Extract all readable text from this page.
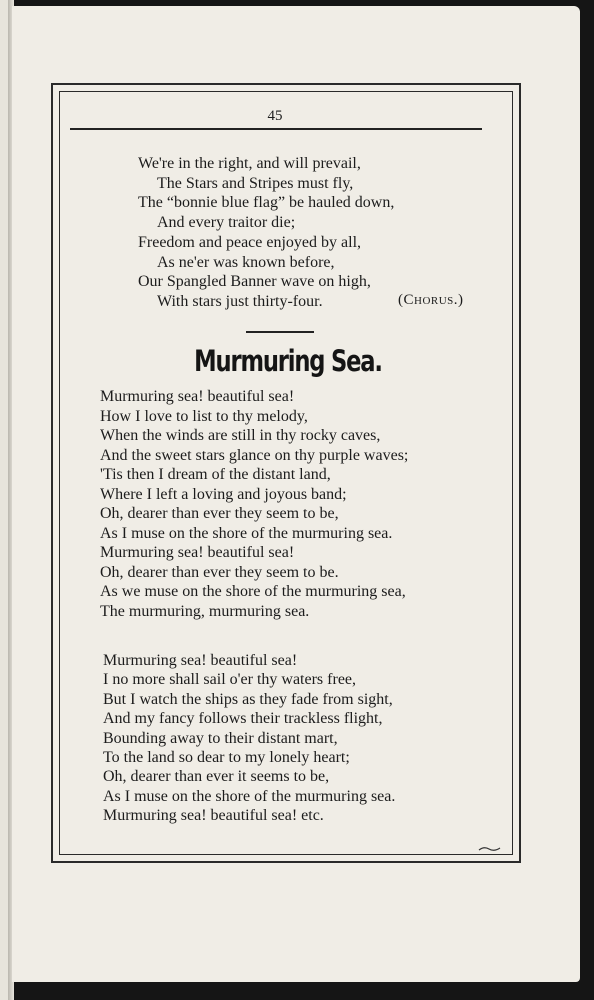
45
We're in the right, and will prevail,
The Stars and Stripes must fly,
The “bonnie blue flag” be hauled down,
And every traitor die;
Freedom and peace enjoyed by all,
As ne'er was known before,
Our Spangled Banner wave on high,
With stars just thirty-four.	(Chorus.)
Murmuring Sea.
Murmuring sea! beautiful sea!
How I love to list to thy melody,
When the winds are still in thy rocky caves,
And the sweet stars glance on thy purple waves;
'Tis then I dream of the distant land,
Where I left a loving and joyous band;
Oh, dearer than ever they seem to be,
As I muse on the shore of the murmuring sea.
Murmuring sea! beautiful sea!
Oh, dearer than ever they seem to be.
As we muse on the shore of the murmuring sea,
The murmuring, murmuring sea.
Murmuring sea! beautiful sea!
I no more shall sail o'er thy waters free,
But I watch the ships as they fade from sight,
And my fancy follows their trackless flight,
Bounding away to their distant mart,
To the land so dear to my lonely heart;
Oh, dearer than ever it seems to be,
As I muse on the shore of the murmuring sea.
Murmuring sea! beautiful sea! etc.
